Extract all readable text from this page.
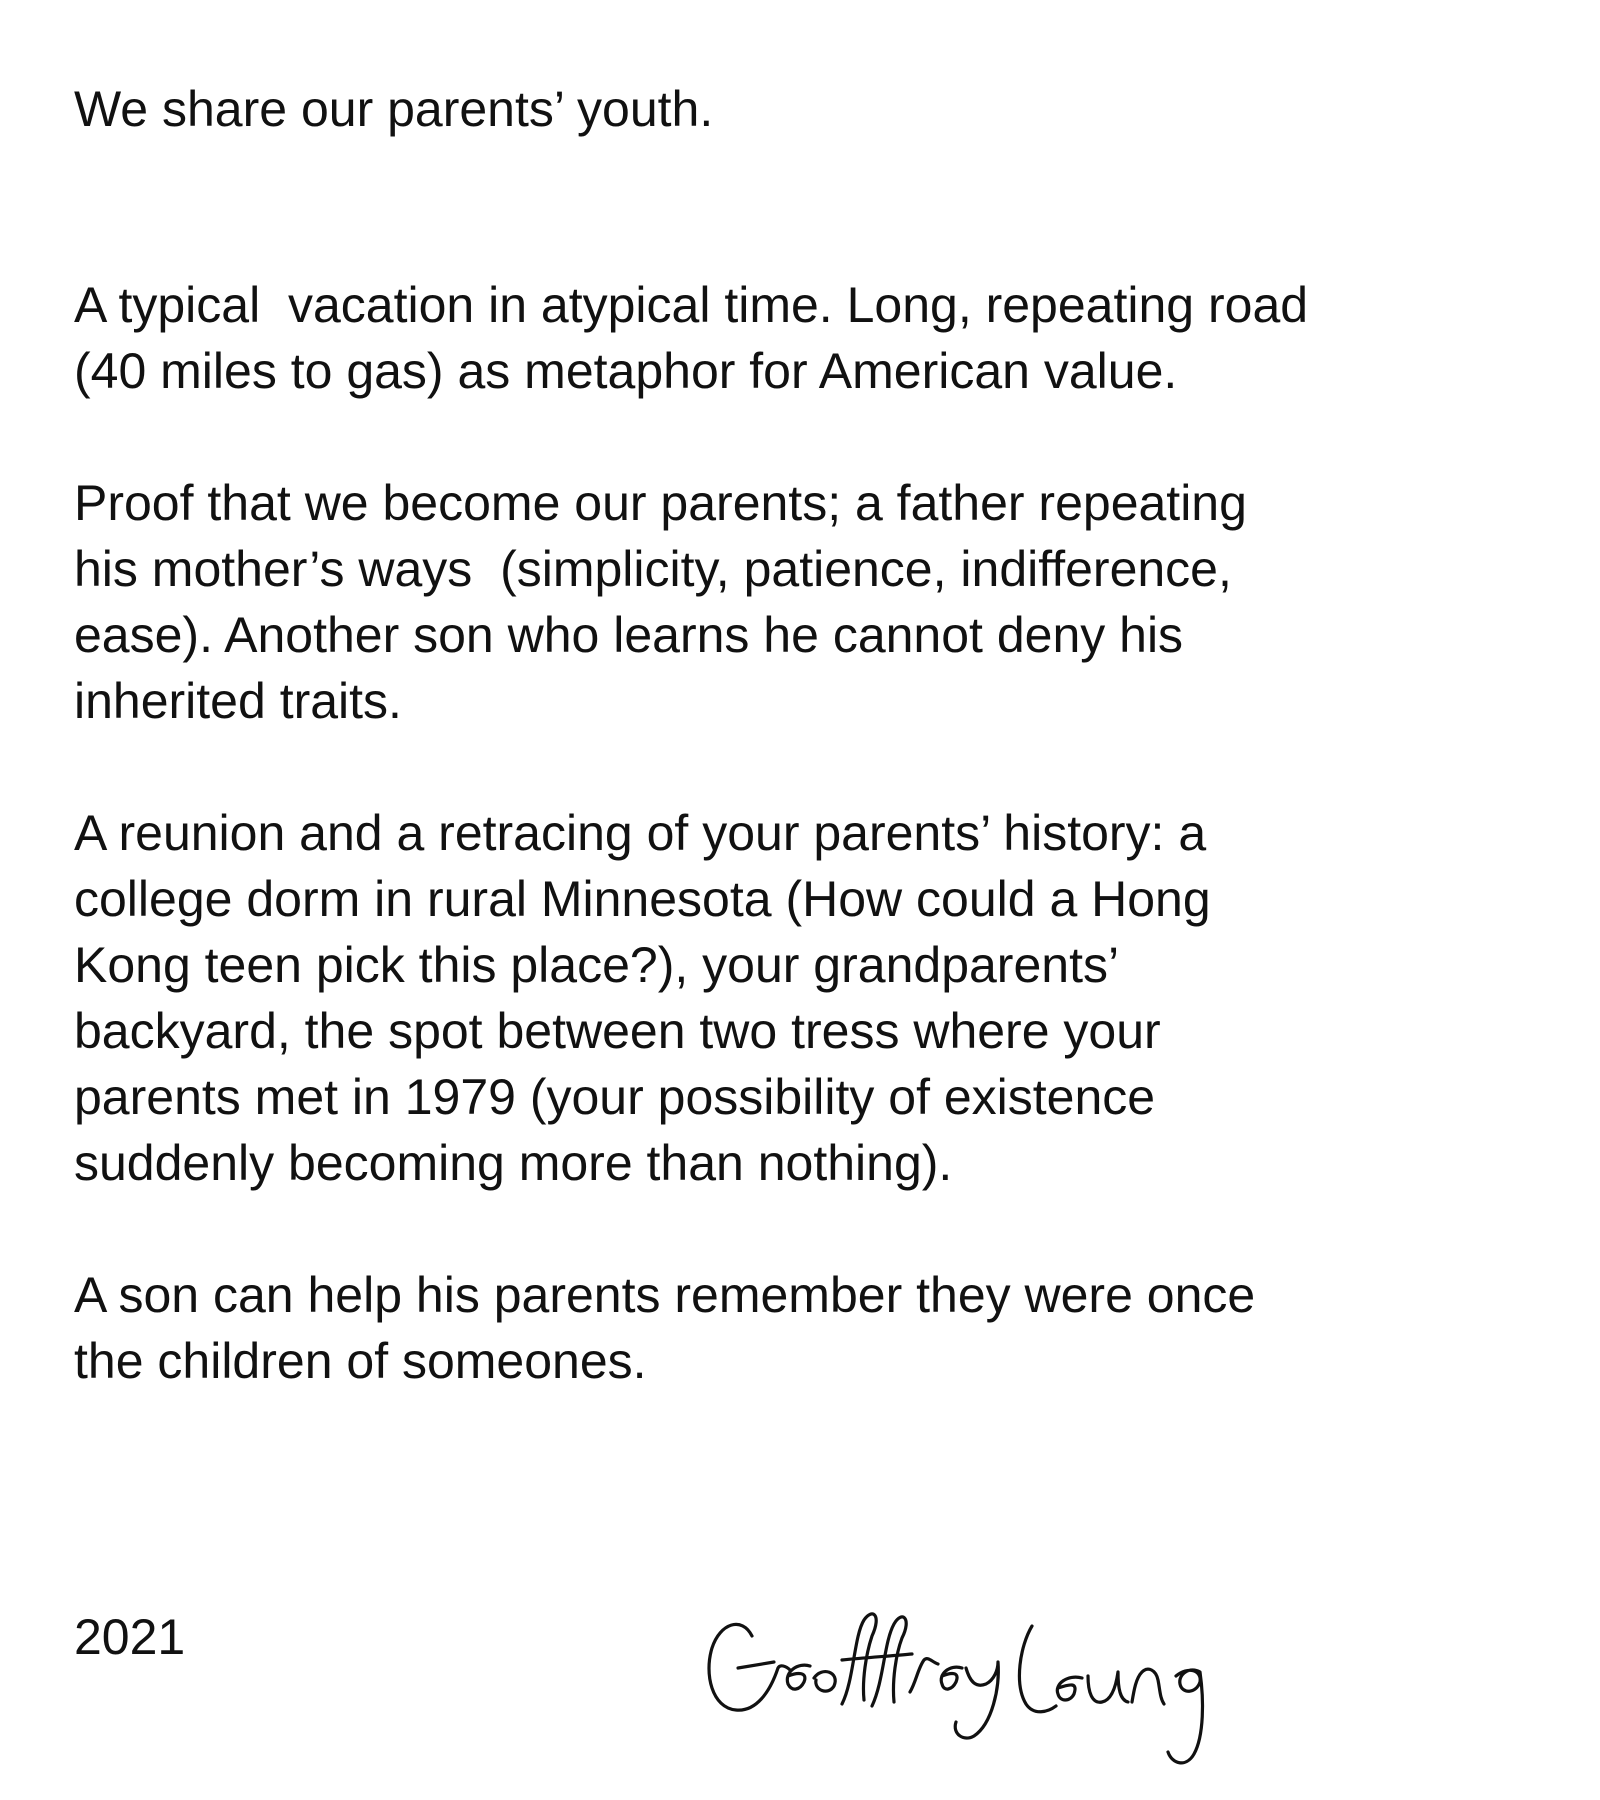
We share our parents’ youth.

A typical  vacation in atypical time. Long, repeating road
(40 miles to gas) as metaphor for American value.

Proof that we become our parents; a father repeating
his mother’s ways  (simplicity, patience, indifference,
ease). Another son who learns he cannot deny his
inherited traits.

A reunion and a retracing of your parents’ history: a
college dorm in rural Minnesota (How could a Hong
Kong teen pick this place?), your grandparents’
backyard, the spot between two tress where your
parents met in 1979 (your possibility of existence
suddenly becoming more than nothing).

A son can help his parents remember they were once
the children of someones.

2021
